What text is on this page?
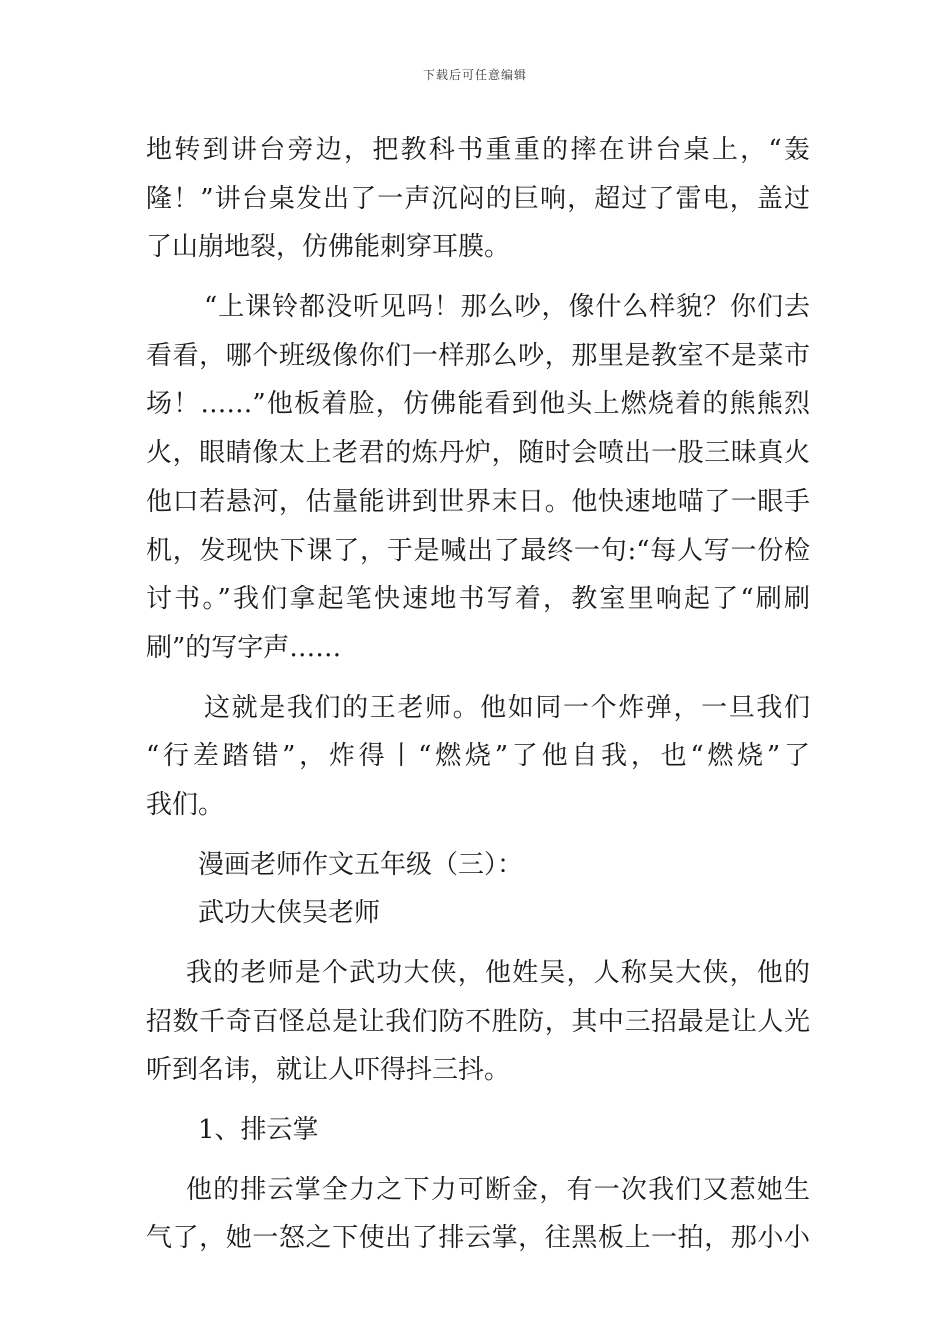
下载后可任意编辑
地转到讲台旁边，把教科书重重的摔在讲台桌上，“轰
隆！”讲台桌发出了一声沉闷的巨响，超过了雷电，盖过
了山崩地裂，仿佛能刺穿耳膜。
“上课铃都没听见吗！那么吵，像什么样貌？你们去
看看，哪个班级像你们一样那么吵，那里是教室不是菜市
场！……”他板着脸，仿佛能看到他头上燃烧着的熊熊烈
火，眼睛像太上老君的炼丹炉，随时会喷出一股三昧真火
他口若悬河，估量能讲到世界末日。他快速地喵了一眼手
机，发现快下课了，于是喊出了最终一句:“每人写一份检
讨书。”我们拿起笔快速地书写着，教室里响起了“刷刷
刷”的写字声……
这就是我们的王老师。他如同一个炸弹，一旦我们
“行差踏错”，炸得丨“燃烧”了他自我，也“燃烧”了
我们。
漫画老师作文五年级（三）：
武功大侠吴老师
我的老师是个武功大侠，他姓吴，人称吴大侠，他的
招数千奇百怪总是让我们防不胜防，其中三招最是让人光
听到名讳，就让人吓得抖三抖。
1、排云掌
他的排云掌全力之下力可断金，有一次我们又惹她生
气了，她一怒之下使出了排云掌，往黑板上一拍，那小小
